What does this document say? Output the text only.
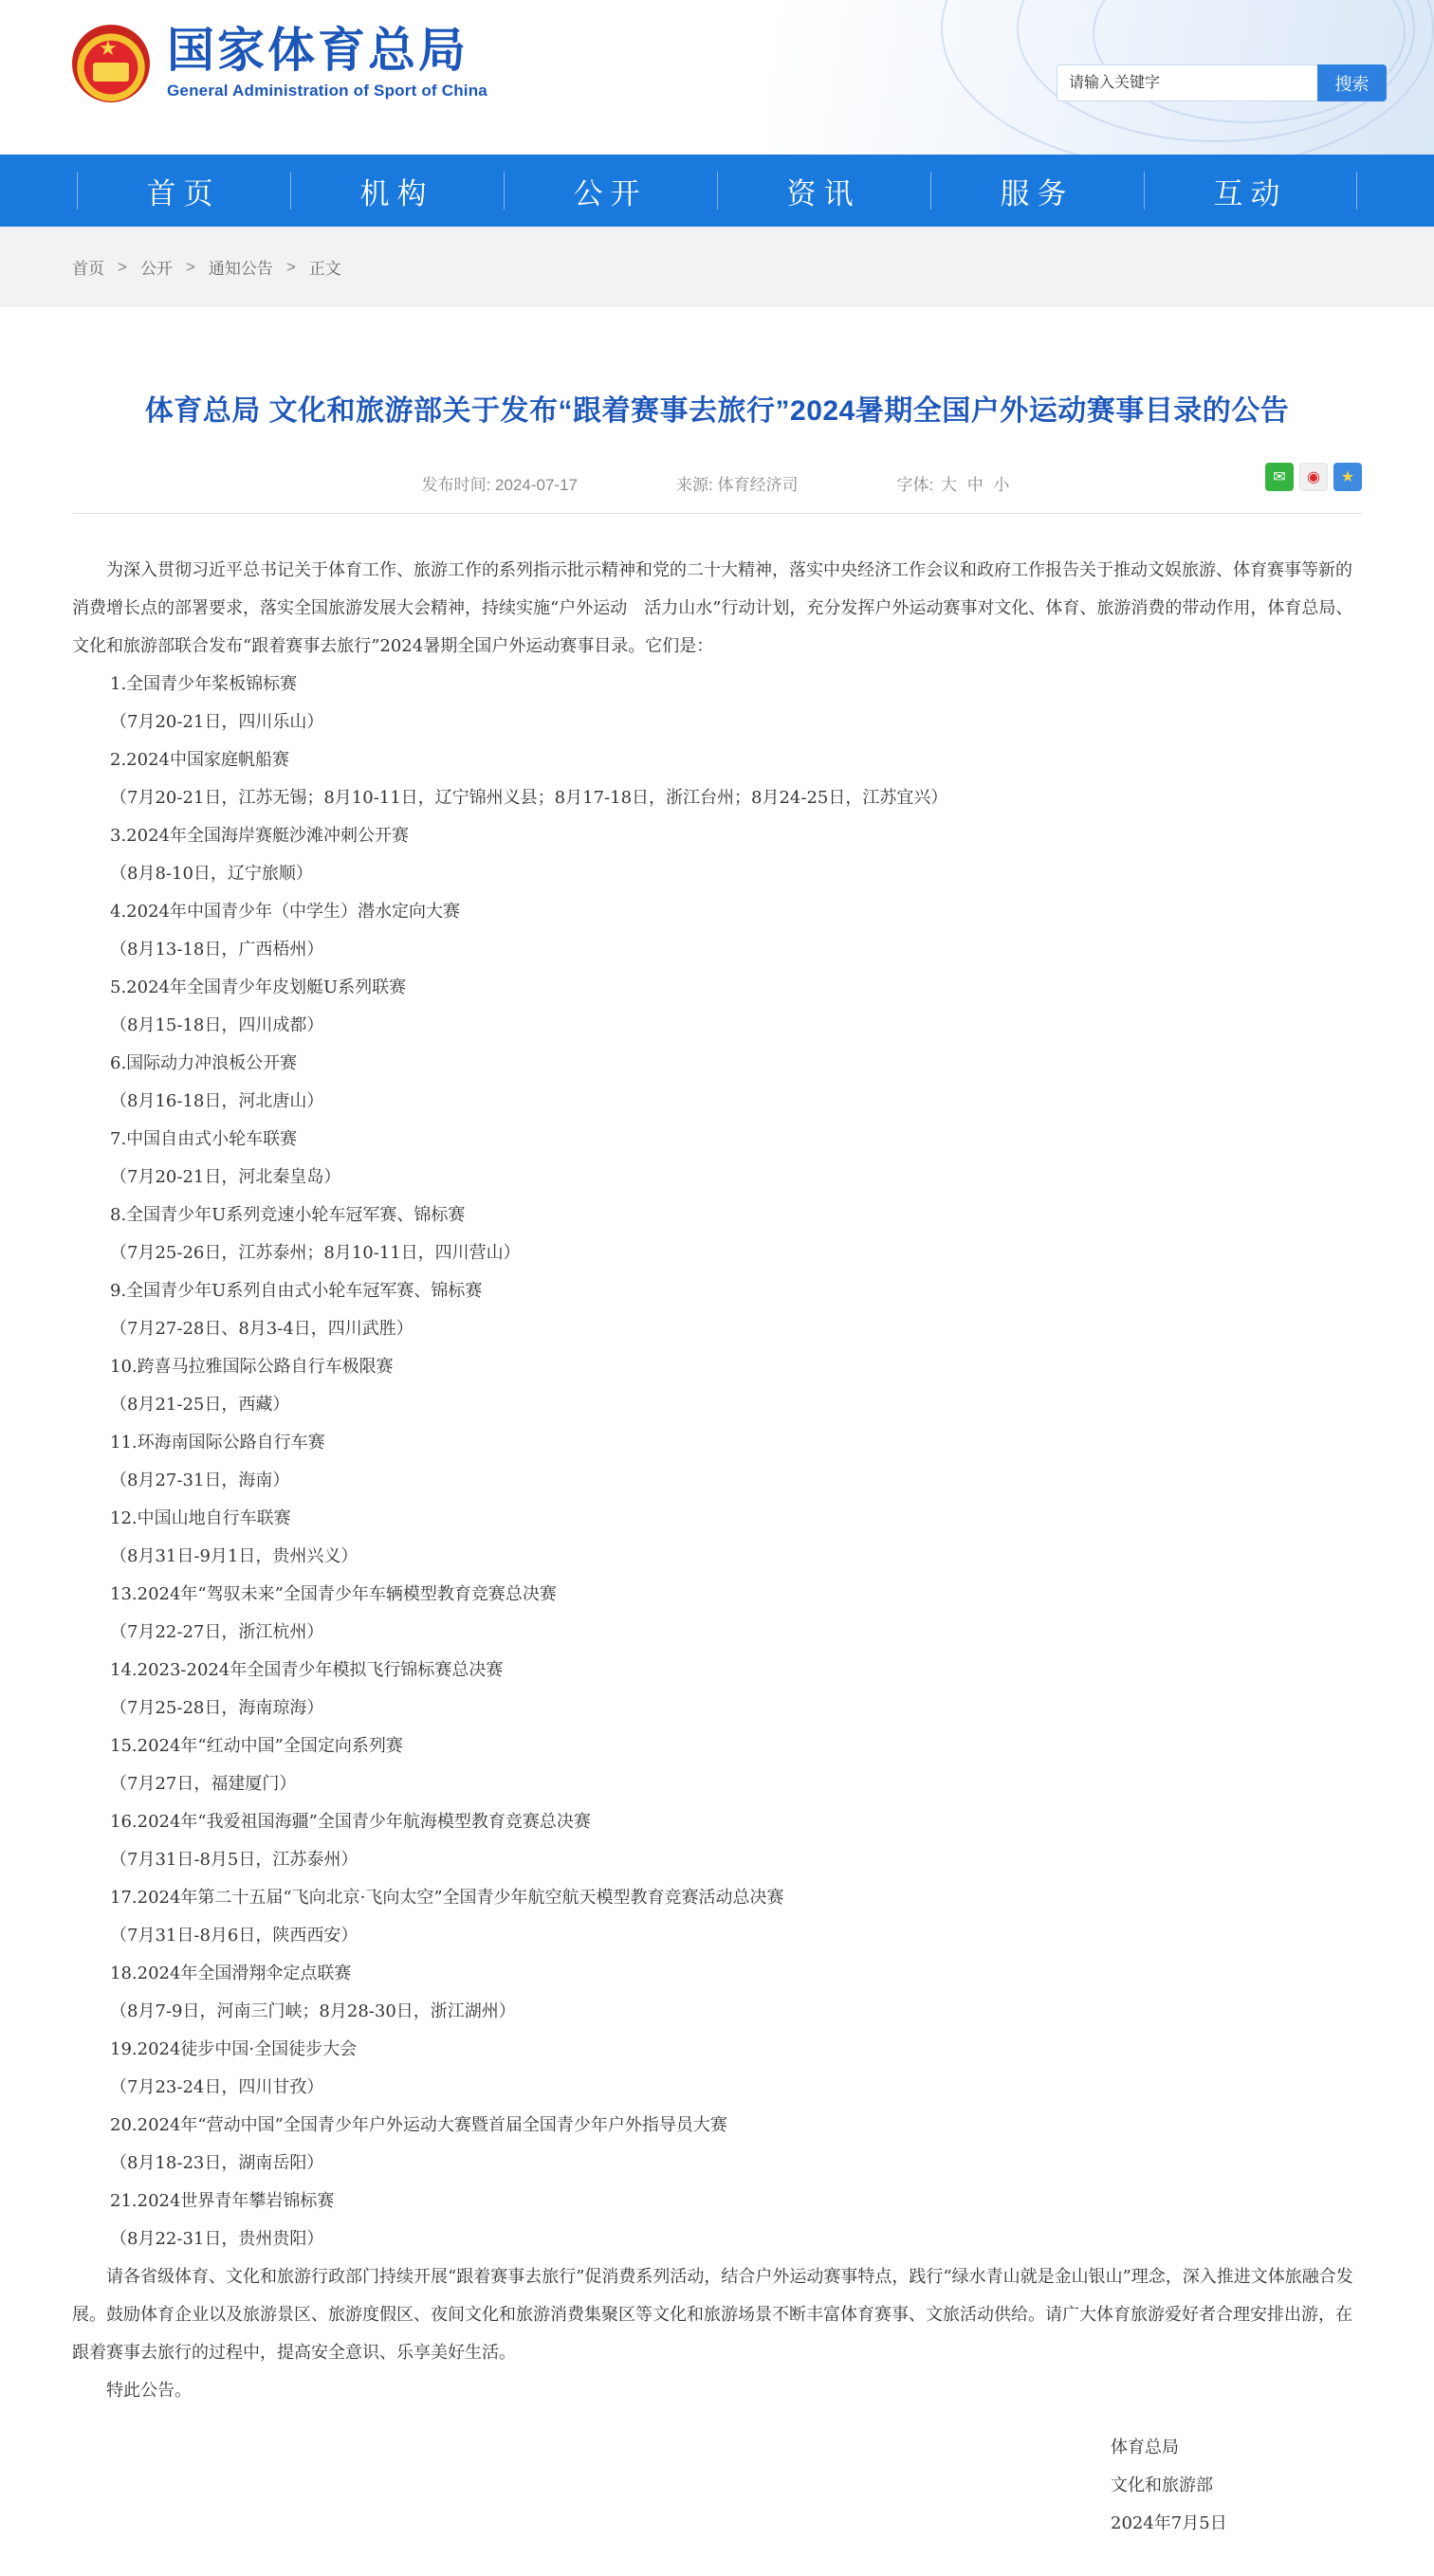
★ 国家体育总局
General Administration of Sport of China
请输入关键字	搜索
首页	机构	公开	资讯	服务	互动
首页 > 公开 > 通知公告 > 正文
体育总局 文化和旅游部关于发布“跟着赛事去旅行”2024暑期全国户外运动赛事目录的公告
发布时间: 2024-07-17	来源: 体育经济司	字体: 大 中 小	✉	◉	★

为深入贯彻习近平总书记关于体育工作、旅游工作的系列指示批示精神和党的二十大精神，落实中央经济工作会议和政府工作报告关于推动文娱旅游、体育赛事等新的消费增长点的部署要求，落实全国旅游发展大会精神，持续实施“户外运动　活力山水”行动计划，充分发挥户外运动赛事对文化、体育、旅游消费的带动作用，体育总局、文化和旅游部联合发布“跟着赛事去旅行”2024暑期全国户外运动赛事目录。它们是：

1.全国青少年桨板锦标赛

（7月20-21日，四川乐山）

2.2024中国家庭帆船赛

（7月20-21日，江苏无锡；8月10-11日，辽宁锦州义县；8月17-18日，浙江台州；8月24-25日，江苏宜兴）

3.2024年全国海岸赛艇沙滩冲刺公开赛

（8月8-10日，辽宁旅顺）

4.2024年中国青少年（中学生）潜水定向大赛

（8月13-18日，广西梧州）

5.2024年全国青少年皮划艇U系列联赛

（8月15-18日，四川成都）

6.国际动力冲浪板公开赛

（8月16-18日，河北唐山）

7.中国自由式小轮车联赛

（7月20-21日，河北秦皇岛）

8.全国青少年U系列竞速小轮车冠军赛、锦标赛

（7月25-26日，江苏泰州；8月10-11日，四川营山）

9.全国青少年U系列自由式小轮车冠军赛、锦标赛

（7月27-28日、8月3-4日，四川武胜）

10.跨喜马拉雅国际公路自行车极限赛

（8月21-25日，西藏）

11.环海南国际公路自行车赛

（8月27-31日，海南）

12.中国山地自行车联赛

（8月31日-9月1日，贵州兴义）

13.2024年“驾驭未来”全国青少年车辆模型教育竞赛总决赛

（7月22-27日，浙江杭州）

14.2023-2024年全国青少年模拟飞行锦标赛总决赛

（7月25-28日，海南琼海）

15.2024年“红动中国”全国定向系列赛

（7月27日，福建厦门）

16.2024年“我爱祖国海疆”全国青少年航海模型教育竞赛总决赛

（7月31日-8月5日，江苏泰州）

17.2024年第二十五届“飞向北京·飞向太空”全国青少年航空航天模型教育竞赛活动总决赛

（7月31日-8月6日，陕西西安）

18.2024年全国滑翔伞定点联赛

（8月7-9日，河南三门峡；8月28-30日，浙江湖州）

19.2024徒步中国·全国徒步大会

（7月23-24日，四川甘孜）

20.2024年“营动中国”全国青少年户外运动大赛暨首届全国青少年户外指导员大赛

（8月18-23日，湖南岳阳）

21.2024世界青年攀岩锦标赛

（8月22-31日，贵州贵阳）

请各省级体育、文化和旅游行政部门持续开展“跟着赛事去旅行”促消费系列活动，结合户外运动赛事特点，践行“绿水青山就是金山银山”理念，深入推进文体旅融合发展。鼓励体育企业以及旅游景区、旅游度假区、夜间文化和旅游消费集聚区等文化和旅游场景不断丰富体育赛事、文旅活动供给。请广大体育旅游爱好者合理安排出游，在跟着赛事去旅行的过程中，提高安全意识、乐享美好生活。

特此公告。

体育总局

文化和旅游部

2024年7月5日
